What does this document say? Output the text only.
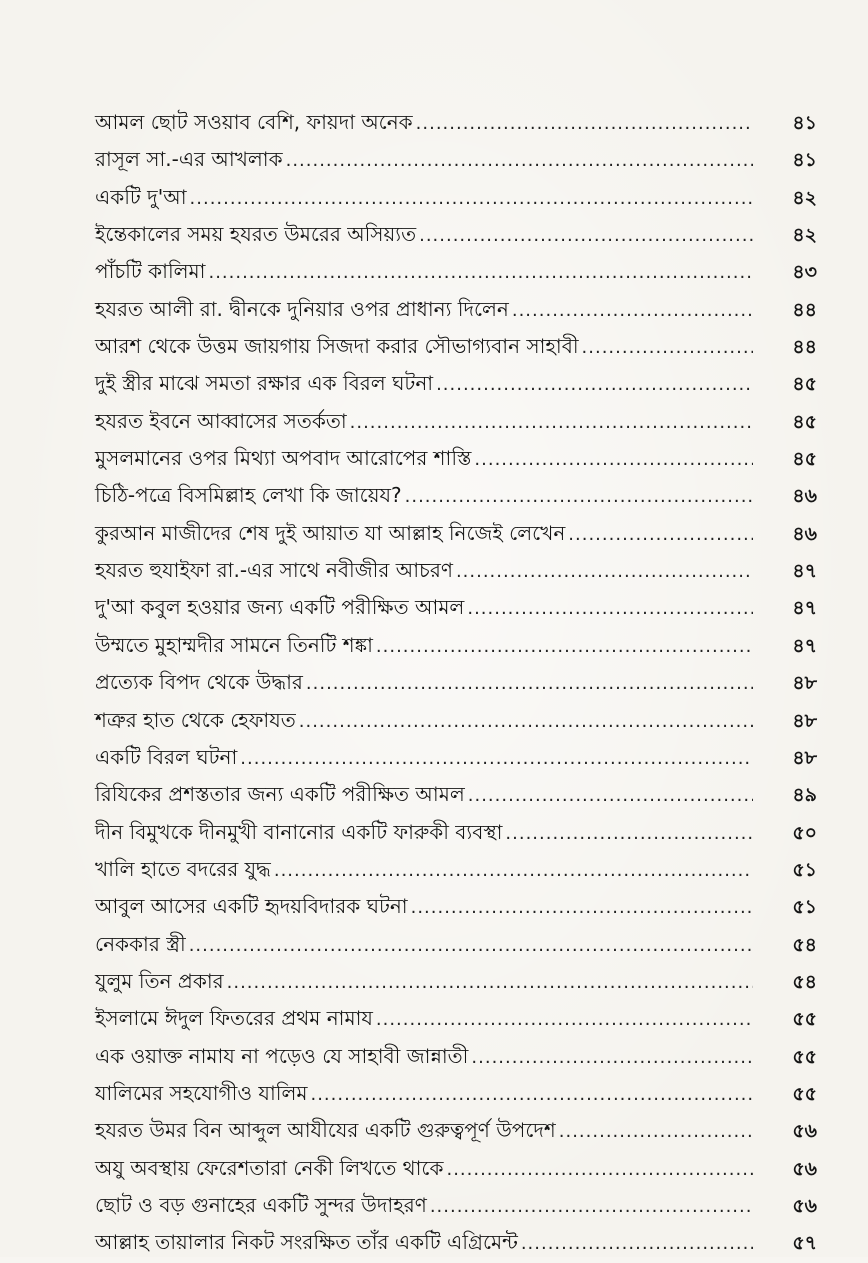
আমল ছোট সওয়াব বেশি, ফায়দা অনেক .....	৪১
রাসূল সা.-এর আখলাক .....	৪১
একটি দু'আ .....	৪২
ইন্তেকালের সময় হযরত উমরের অসিয়্যত .....	৪২
পাঁচটি কালিমা .....	৪৩
হযরত আলী রা. দ্বীনকে দুনিয়ার ওপর প্রাধান্য দিলেন .....	৪৪
আরশ থেকে উত্তম জায়গায় সিজদা করার সৌভাগ্যবান সাহাবী .....	৪৪
দুই স্ত্রীর মাঝে সমতা রক্ষার এক বিরল ঘটনা .....	৪৫
হযরত ইবনে আব্বাসের সতর্কতা .....	৪৫
মুসলমানের ওপর মিথ্যা অপবাদ আরোপের শাস্তি .....	৪৫
চিঠি-পত্রে বিসমিল্লাহ লেখা কি জায়েয? .....	৪৬
কুরআন মাজীদের শেষ দুই আয়াত যা আল্লাহ নিজেই লেখেন .....	৪৬
হযরত হুযাইফা রা.-এর সাথে নবীজীর আচরণ .....	৪৭
দু'আ কবুল হওয়ার জন্য একটি পরীক্ষিত আমল .....	৪৭
উম্মতে মুহাম্মদীর সামনে তিনটি শঙ্কা .....	৪৭
প্রত্যেক বিপদ থেকে উদ্ধার .....	৪৮
শত্রুর হাত থেকে হেফাযত .....	৪৮
একটি বিরল ঘটনা .....	৪৮
রিযিকের প্রশস্ততার জন্য একটি পরীক্ষিত আমল .....	৪৯
দীন বিমুখকে দীনমুখী বানানোর একটি ফারুকী ব্যবস্থা .....	৫০
খালি হাতে বদরের যুদ্ধ .....	৫১
আবুল আসের একটি হৃদয়বিদারক ঘটনা .....	৫১
নেককার স্ত্রী .....	৫৪
যুলুম তিন প্রকার .....	৫৪
ইসলামে ঈদুল ফিতরের প্রথম নামায .....	৫৫
এক ওয়াক্ত নামায না পড়েও যে সাহাবী জান্নাতী .....	৫৫
যালিমের সহযোগীও যালিম .....	৫৫
হযরত উমর বিন আব্দুল আযীযের একটি গুরুত্বপূর্ণ উপদেশ .....	৫৬
অযু অবস্থায় ফেরেশতারা নেকী লিখতে থাকে .....	৫৬
ছোট ও বড় গুনাহের একটি সুন্দর উদাহরণ .....	৫৬
আল্লাহ তায়ালার নিকট সংরক্ষিত তাঁর একটি এগ্রিমেন্ট .....	৫৭
